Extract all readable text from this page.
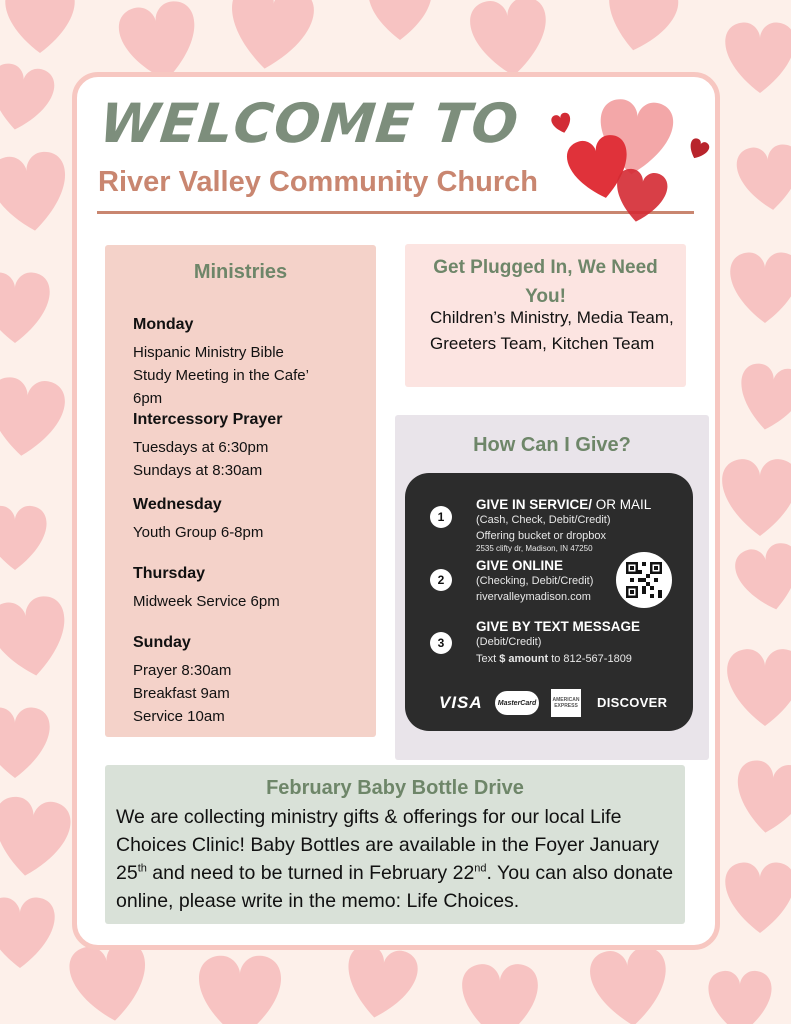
WELCOME TO
River Valley Community Church
Ministries
Monday
Hispanic Ministry Bible
Study Meeting in the Cafe’
6pm
Intercessory Prayer
Tuesdays at 6:30pm
Sundays at 8:30am
Wednesday
Youth Group 6-8pm
Thursday
Midweek Service 6pm
Sunday
Prayer 8:30am
Breakfast 9am
Service 10am
Get Plugged In, We Need You!

Children’s Ministry, Media Team, Greeters Team, Kitchen Team

How Can I Give?
1
GIVE IN SERVICE/ OR MAIL
(Cash, Check, Debit/Credit)
Offering bucket or dropbox
2535 clifty dr, Madison, IN 47250
2
GIVE ONLINE
(Checking, Debit/Credit)
rivervalleymadison.com
3
GIVE BY TEXT MESSAGE
(Debit/Credit)
Text $ amount to 812-567-1809
VISA	MasterCard	AMERICAN EXPRESS DISCOVER
February Baby Bottle Drive

We are collecting ministry gifts & offerings for our local Life Choices Clinic! Baby Bottles are available in the Foyer January 25th and need to be turned in February 22nd. You can also donate online, please write in the memo: Life Choices.
